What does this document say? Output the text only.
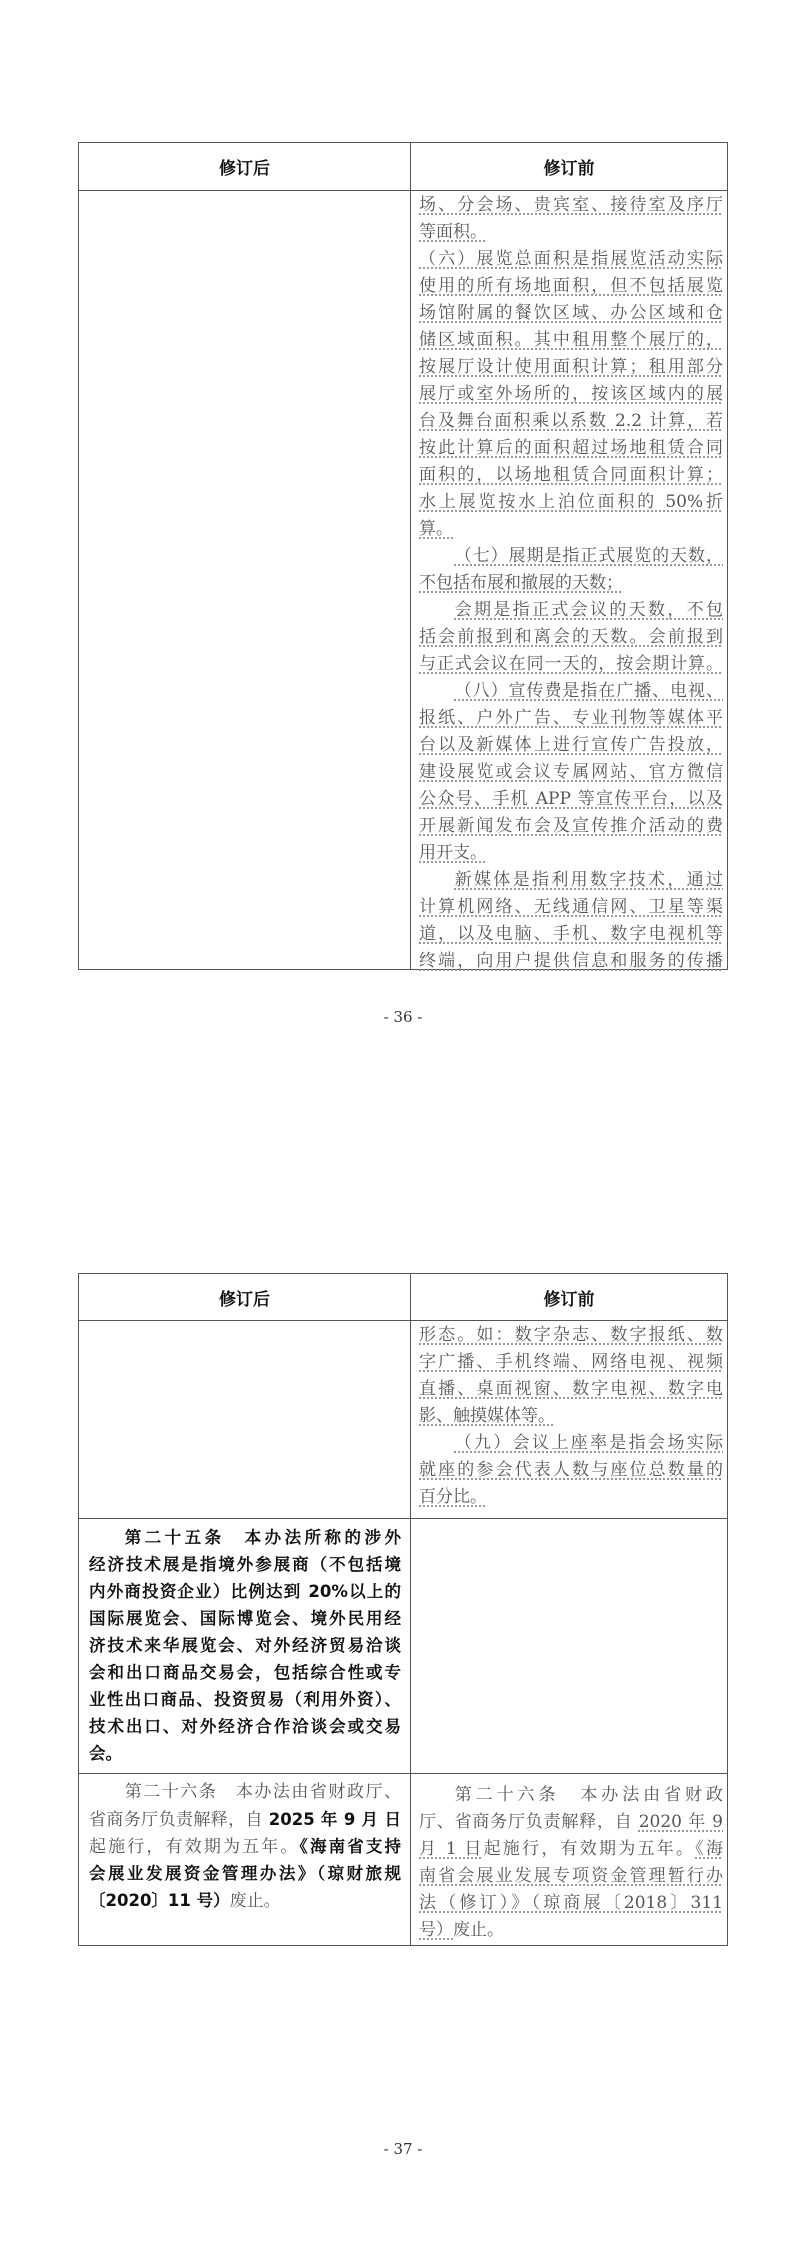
修订后	修订前
场、分会场、贵宾室、接待室及序厅
等面积。
（六）展览总面积是指展览活动实际
使用的所有场地面积，但不包括展览
场馆附属的餐饮区域、办公区域和仓
储区域面积。其中租用整个展厅的，
按展厅设计使用面积计算；租用部分
展厅或室外场所的，按该区域内的展
台及舞台面积乘以系数 2.2 计算，若
按此计算后的面积超过场地租赁合同
面积的，以场地租赁合同面积计算；
水上展览按水上泊位面积的 50%折
算。
（七）展期是指正式展览的天数，
不包括布展和撤展的天数；
会期是指正式会议的天数，不包
括会前报到和离会的天数。会前报到
与正式会议在同一天的，按会期计算。
（八）宣传费是指在广播、电视、
报纸、户外广告、专业刊物等媒体平
台以及新媒体上进行宣传广告投放，
建设展览或会议专属网站、官方微信
公众号、手机 APP 等宣传平台，以及
开展新闻发布会及宣传推介活动的费
用开支。
新媒体是指利用数字技术，通过
计算机网络、无线通信网、卫星等渠
道，以及电脑、手机、数字电视机等
终端，向用户提供信息和服务的传播
- 36 -
修订后	修订前
形态。如：数字杂志、数字报纸、数
字广播、手机终端、网络电视、视频
直播、桌面视窗、数字电视、数字电
影、触摸媒体等。
（九）会议上座率是指会场实际
就座的参会代表人数与座位总数量的
百分比。
第二十五条　本办法所称的涉外
经济技术展是指境外参展商（不包括境
内外商投资企业）比例达到 20%以上的
国际展览会、国际博览会、境外民用经
济技术来华展览会、对外经济贸易洽谈
会和出口商品交易会，包括综合性或专
业性出口商品、投资贸易（利用外资）、
技术出口、对外经济合作洽谈会或交易
会。
第二十六条　本办法由省财政厅、
省商务厅负责解释，自 2025 年 9 月 日
起施行，有效期为五年。《海南省支持
会展业发展资金管理办法》（琼财旅规
〔2020〕11 号）废止。
第二十六条　本办法由省财政
厅、省商务厅负责解释，自 2020 年 9
月 1 日起施行，有效期为五年。《海
南省会展业发展专项资金管理暂行办
法（修订）》（琼商展〔2018〕311
号）废止。
- 37 -
